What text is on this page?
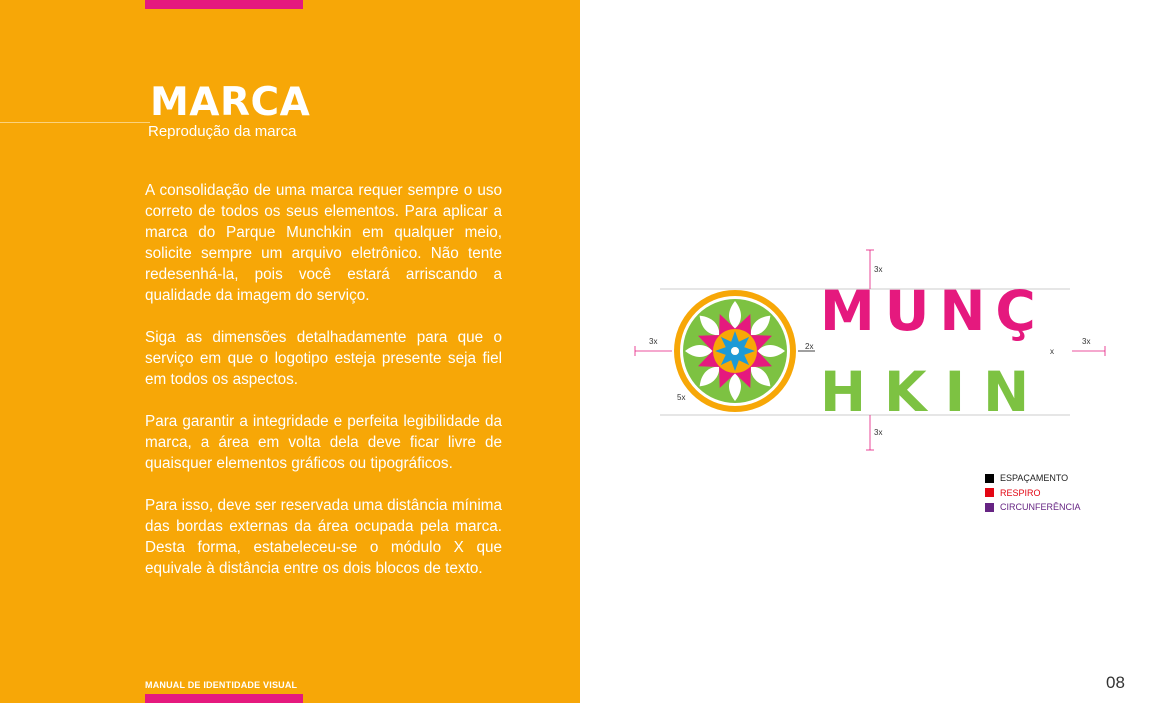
MARCA
Reprodução da marca

A consolidação de uma marca requer sempre o uso correto de todos os seus elementos. Para aplicar a marca do Parque Munchkin em qualquer meio, solicite sempre um arquivo eletrônico. Não tente redesenhá-la, pois você estará arriscando a qualidade da imagem do serviço.

Siga as dimensões detalhadamente para que o serviço em que o logotipo esteja presente seja fiel em todos os aspectos.

Para garantir a integridade e perfeita legibilidade da marca, a área em volta dela deve ficar livre de quaisquer elementos gráficos ou tipográficos.

Para isso, deve ser reservada uma distância mínima das bordas externas da área ocupada pela marca. Desta forma, estabeleceu-se o módulo X que equivale à distância entre os dois blocos de texto.

MANUAL DE IDENTIDADE VISUAL	08
3x
3x
3x	3x
2x
5x
x
MUNÇ
HKIN
ESPAÇAMENTO
RESPIRO
CIRCUNFERÊNCIA
